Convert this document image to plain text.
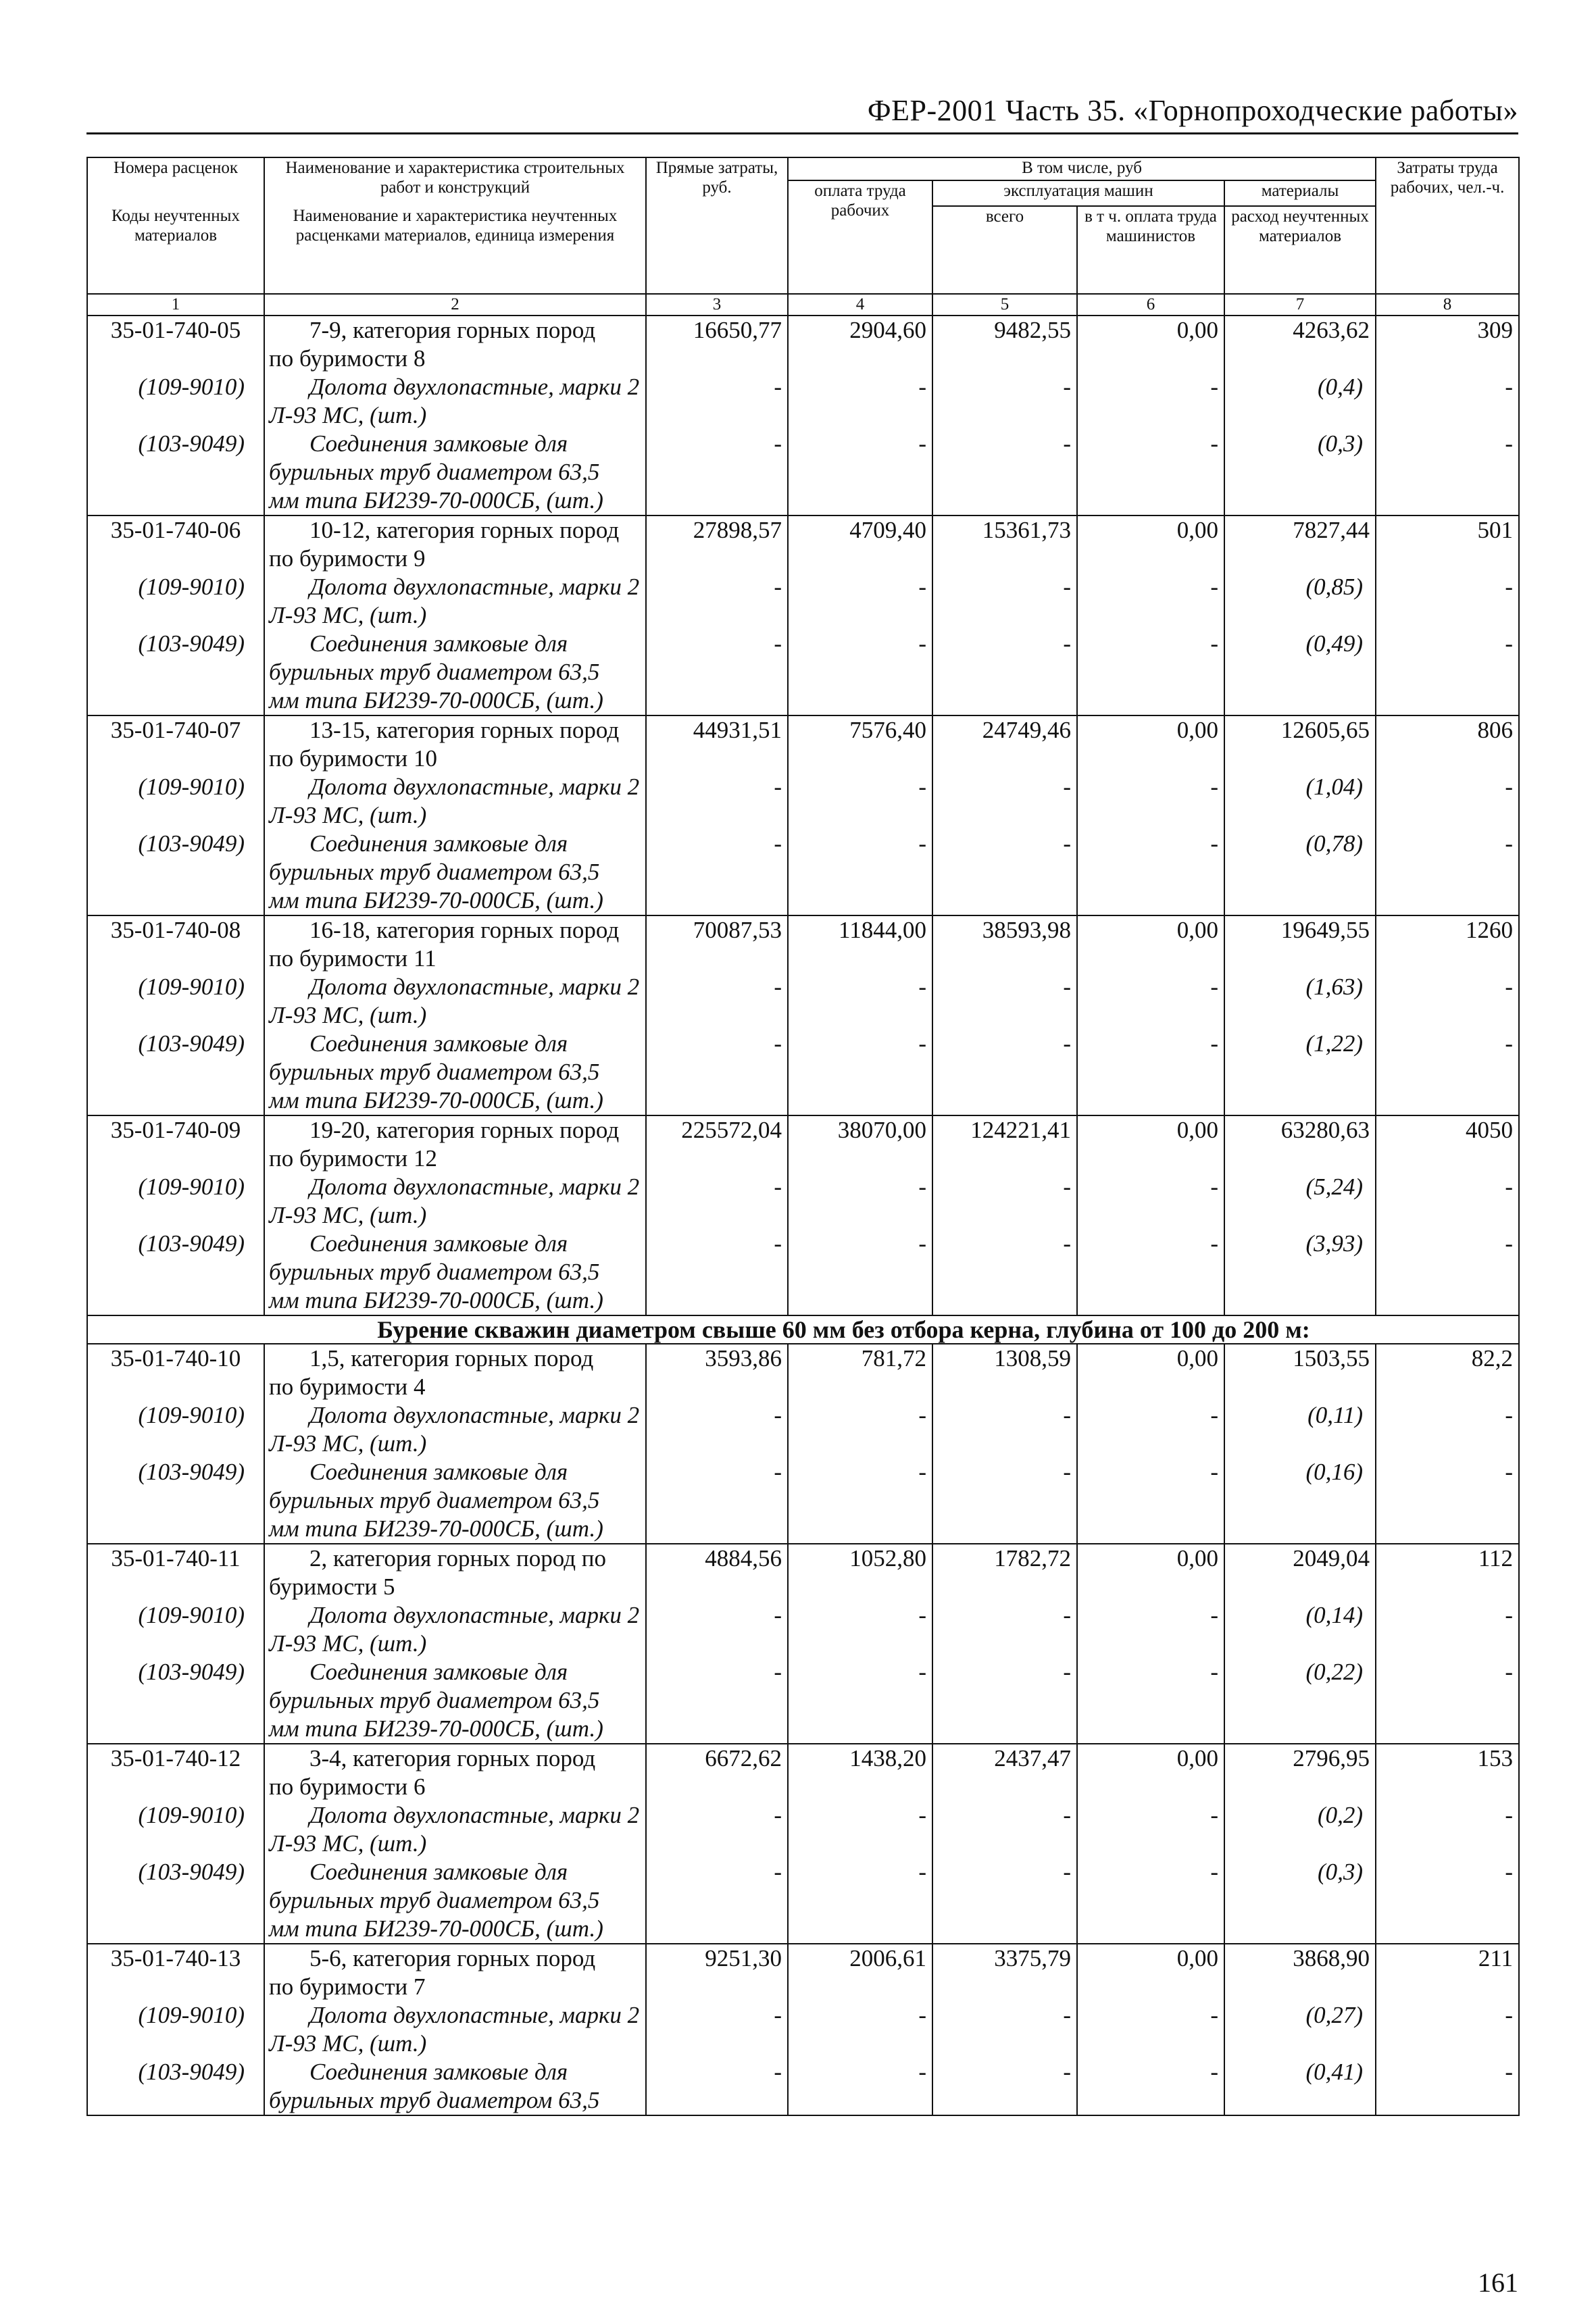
ФЕР-2001 Часть 35. «Горнопроходческие работы»
Номера расценок	Наименование и характеристика строительных работ и конструкций	Прямые затраты, руб.	В том числе, руб				Затраты труда рабочих, чел.-ч.
			оплата труда рабочих	эксплуатация машин		материалы	
Коды неучтенных материалов	Наименование и характеристика неучтенных расценками материалов, единица измерения			всего	в т ч. оплата труда машинистов	расход неучтенных материалов	

1	2	3	4	5	6	7	8
35-01-740-05	7-9, категория горных пород	16650,77	2904,60	9482,55	0,00	4263,62	309
	по буримости 8						
(109-9010)	Долота двухлопастные, марки 2	-	-	-	-	(0,4)	-
	Л-93 МС, (шт.)						
(103-9049)	Соединения замковые для	-	-	-	-	(0,3)	-
	бурильных труб диаметром 63,5						
	мм типа БИ239-70-000СБ, (шт.)						
35-01-740-06	10-12, категория горных пород	27898,57	4709,40	15361,73	0,00	7827,44	501
	по буримости 9						
(109-9010)	Долота двухлопастные, марки 2	-	-	-	-	(0,85)	-
	Л-93 МС, (шт.)						
(103-9049)	Соединения замковые для	-	-	-	-	(0,49)	-
	бурильных труб диаметром 63,5						
	мм типа БИ239-70-000СБ, (шт.)						
35-01-740-07	13-15, категория горных пород	44931,51	7576,40	24749,46	0,00	12605,65	806
	по буримости 10						
(109-9010)	Долота двухлопастные, марки 2	-	-	-	-	(1,04)	-
	Л-93 МС, (шт.)						
(103-9049)	Соединения замковые для	-	-	-	-	(0,78)	-
	бурильных труб диаметром 63,5						
	мм типа БИ239-70-000СБ, (шт.)						
35-01-740-08	16-18, категория горных пород	70087,53	11844,00	38593,98	0,00	19649,55	1260
	по буримости 11						
(109-9010)	Долота двухлопастные, марки 2	-	-	-	-	(1,63)	-
	Л-93 МС, (шт.)						
(103-9049)	Соединения замковые для	-	-	-	-	(1,22)	-
	бурильных труб диаметром 63,5						
	мм типа БИ239-70-000СБ, (шт.)						
35-01-740-09	19-20, категория горных пород	225572,04	38070,00	124221,41	0,00	63280,63	4050
	по буримости 12						
(109-9010)	Долота двухлопастные, марки 2	-	-	-	-	(5,24)	-
	Л-93 МС, (шт.)						
(103-9049)	Соединения замковые для	-	-	-	-	(3,93)	-
	бурильных труб диаметром 63,5						
	мм типа БИ239-70-000СБ, (шт.)						
Бурение скважин диаметром свыше 60 мм без отбора керна, глубина от 100 до 200 м:							
35-01-740-10	1,5, категория горных пород	3593,86	781,72	1308,59	0,00	1503,55	82,2
	по буримости 4						
(109-9010)	Долота двухлопастные, марки 2	-	-	-	-	(0,11)	-
	Л-93 МС, (шт.)						
(103-9049)	Соединения замковые для	-	-	-	-	(0,16)	-
	бурильных труб диаметром 63,5						
	мм типа БИ239-70-000СБ, (шт.)						
35-01-740-11	2, категория горных пород по	4884,56	1052,80	1782,72	0,00	2049,04	112
	буримости 5						
(109-9010)	Долота двухлопастные, марки 2	-	-	-	-	(0,14)	-
	Л-93 МС, (шт.)						
(103-9049)	Соединения замковые для	-	-	-	-	(0,22)	-
	бурильных труб диаметром 63,5						
	мм типа БИ239-70-000СБ, (шт.)						
35-01-740-12	3-4, категория горных пород	6672,62	1438,20	2437,47	0,00	2796,95	153
	по буримости 6						
(109-9010)	Долота двухлопастные, марки 2	-	-	-	-	(0,2)	-
	Л-93 МС, (шт.)						
(103-9049)	Соединения замковые для	-	-	-	-	(0,3)	-
	бурильных труб диаметром 63,5						
	мм типа БИ239-70-000СБ, (шт.)						
35-01-740-13	5-6, категория горных пород	9251,30	2006,61	3375,79	0,00	3868,90	211
	по буримости 7						
(109-9010)	Долота двухлопастные, марки 2	-	-	-	-	(0,27)	-
	Л-93 МС, (шт.)						
(103-9049)	Соединения замковые для	-	-	-	-	(0,41)	-
	бурильных труб диаметром 63,5						
161
